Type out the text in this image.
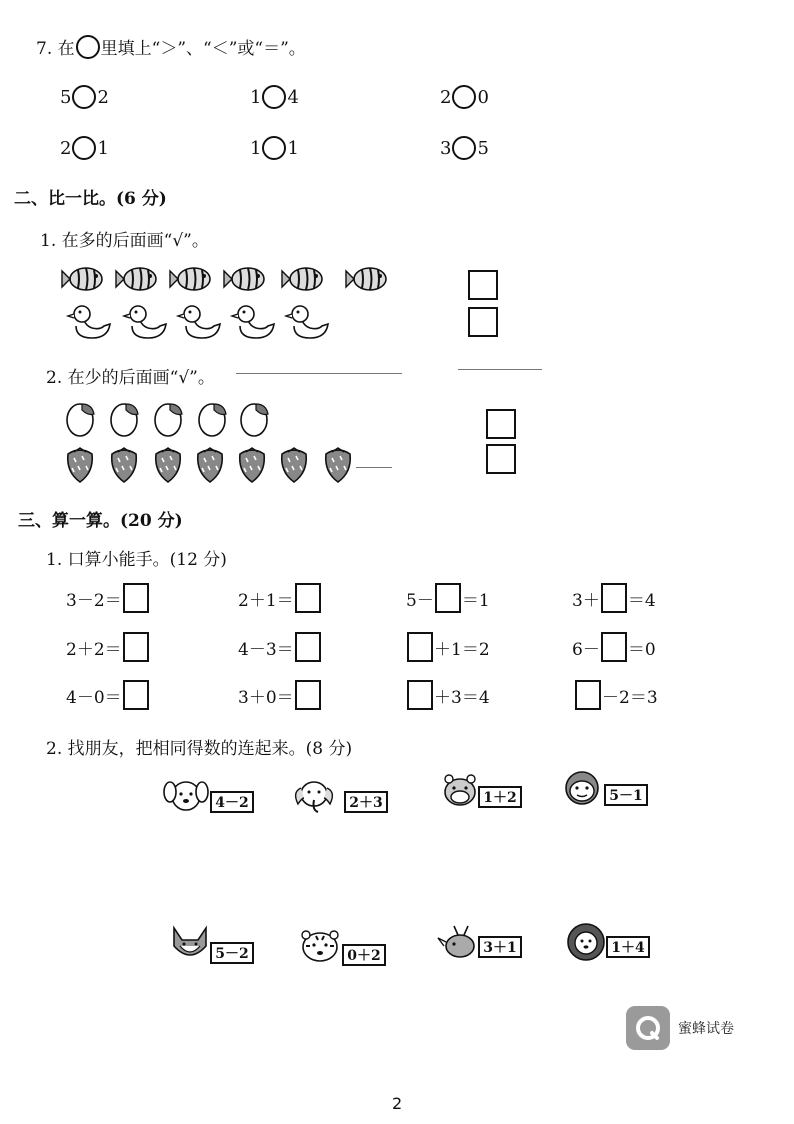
7. 在 里填上“＞”、“＜”或“＝”。
5 2	1 4	2 0
2 1	1 1	3 5
二、比一比。(6 分)
1. 在多的后面画“√”。
2. 在少的后面画“√”。
三、算一算。(20 分)
1. 口算小能手。(12 分)
3－2＝	2＋1＝	5－ ＝1	3＋ ＝4
2＋2＝	4－3＝	＋1＝2	6－ ＝0
4－0＝	3＋0＝	＋3＝4	－2＝3
2. 找朋友，把相同得数的连起来。(8 分)
4－2	2＋3	1＋2	5－1
5－2	0＋2	3＋1	1＋4
蜜蜂试卷
2
